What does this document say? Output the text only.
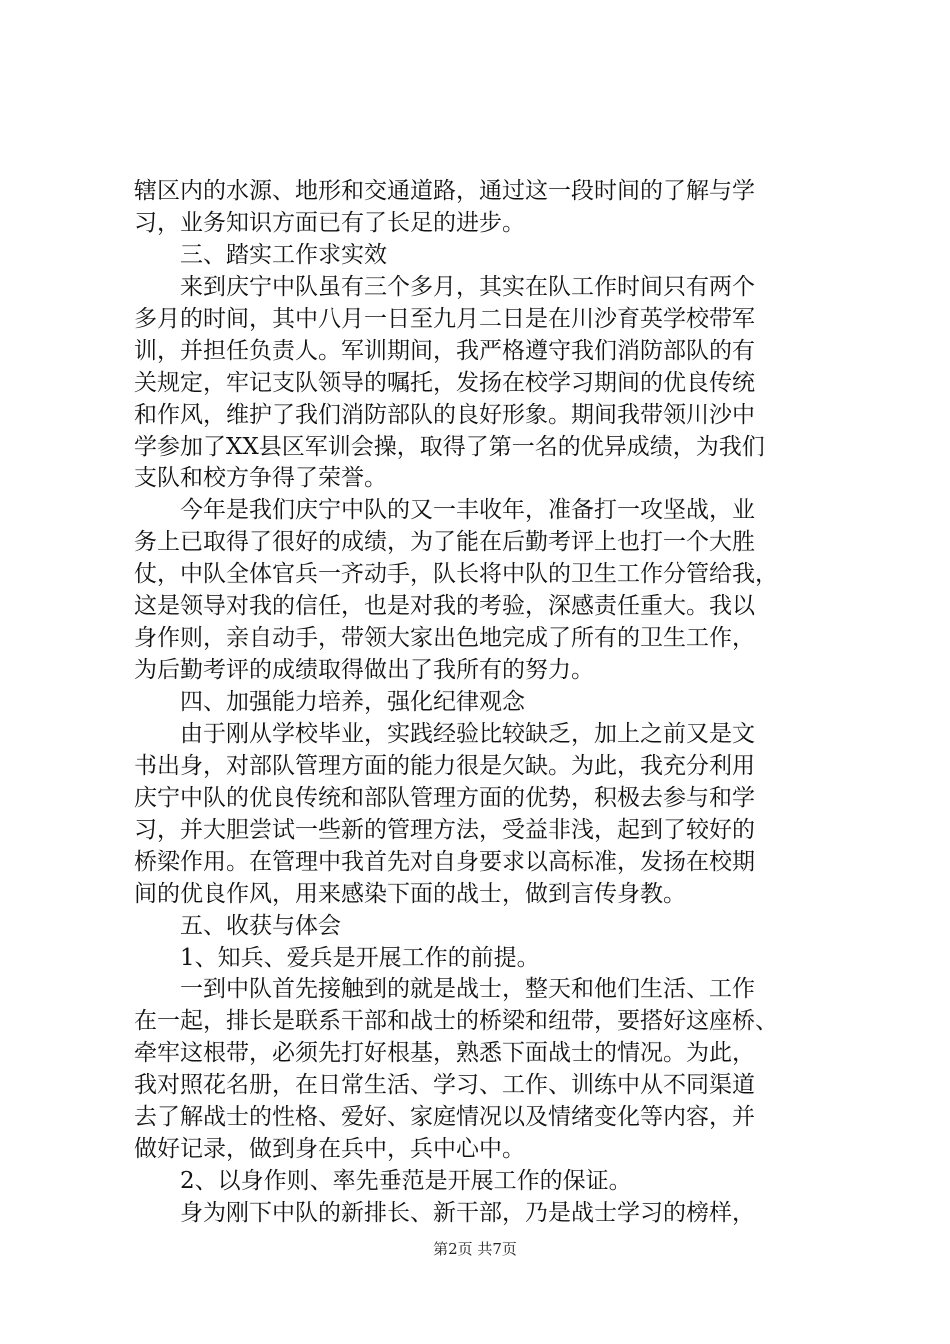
辖区内的水源、地形和交通道路，通过这一段时间的了解与学
习，业务知识方面已有了长足的进步。
三、踏实工作求实效
来到庆宁中队虽有三个多月，其实在队工作时间只有两个
多月的时间，其中八月一日至九月二日是在川沙育英学校带军
训，并担任负责人。军训期间，我严格遵守我们消防部队的有
关规定，牢记支队领导的嘱托，发扬在校学习期间的优良传统
和作风，维护了我们消防部队的良好形象。期间我带领川沙中
学参加了XX县区军训会操，取得了第一名的优异成绩，为我们
支队和校方争得了荣誉。
今年是我们庆宁中队的又一丰收年，准备打一攻坚战，业
务上已取得了很好的成绩，为了能在后勤考评上也打一个大胜
仗，中队全体官兵一齐动手，队长将中队的卫生工作分管给我，
这是领导对我的信任，也是对我的考验，深感责任重大。我以
身作则，亲自动手，带领大家出色地完成了所有的卫生工作，
为后勤考评的成绩取得做出了我所有的努力。
四、加强能力培养，强化纪律观念
由于刚从学校毕业，实践经验比较缺乏，加上之前又是文
书出身，对部队管理方面的能力很是欠缺。为此，我充分利用
庆宁中队的优良传统和部队管理方面的优势，积极去参与和学
习，并大胆尝试一些新的管理方法，受益非浅，起到了较好的
桥梁作用。在管理中我首先对自身要求以高标准，发扬在校期
间的优良作风，用来感染下面的战士，做到言传身教。
五、收获与体会
1、知兵、爱兵是开展工作的前提。
一到中队首先接触到的就是战士，整天和他们生活、工作
在一起，排长是联系干部和战士的桥梁和纽带，要搭好这座桥、
牵牢这根带，必须先打好根基，熟悉下面战士的情况。为此，
我对照花名册，在日常生活、学习、工作、训练中从不同渠道
去了解战士的性格、爱好、家庭情况以及情绪变化等内容，并
做好记录，做到身在兵中，兵中心中。
2、以身作则、率先垂范是开展工作的保证。
身为刚下中队的新排长、新干部，乃是战士学习的榜样，
第2页 共7页
